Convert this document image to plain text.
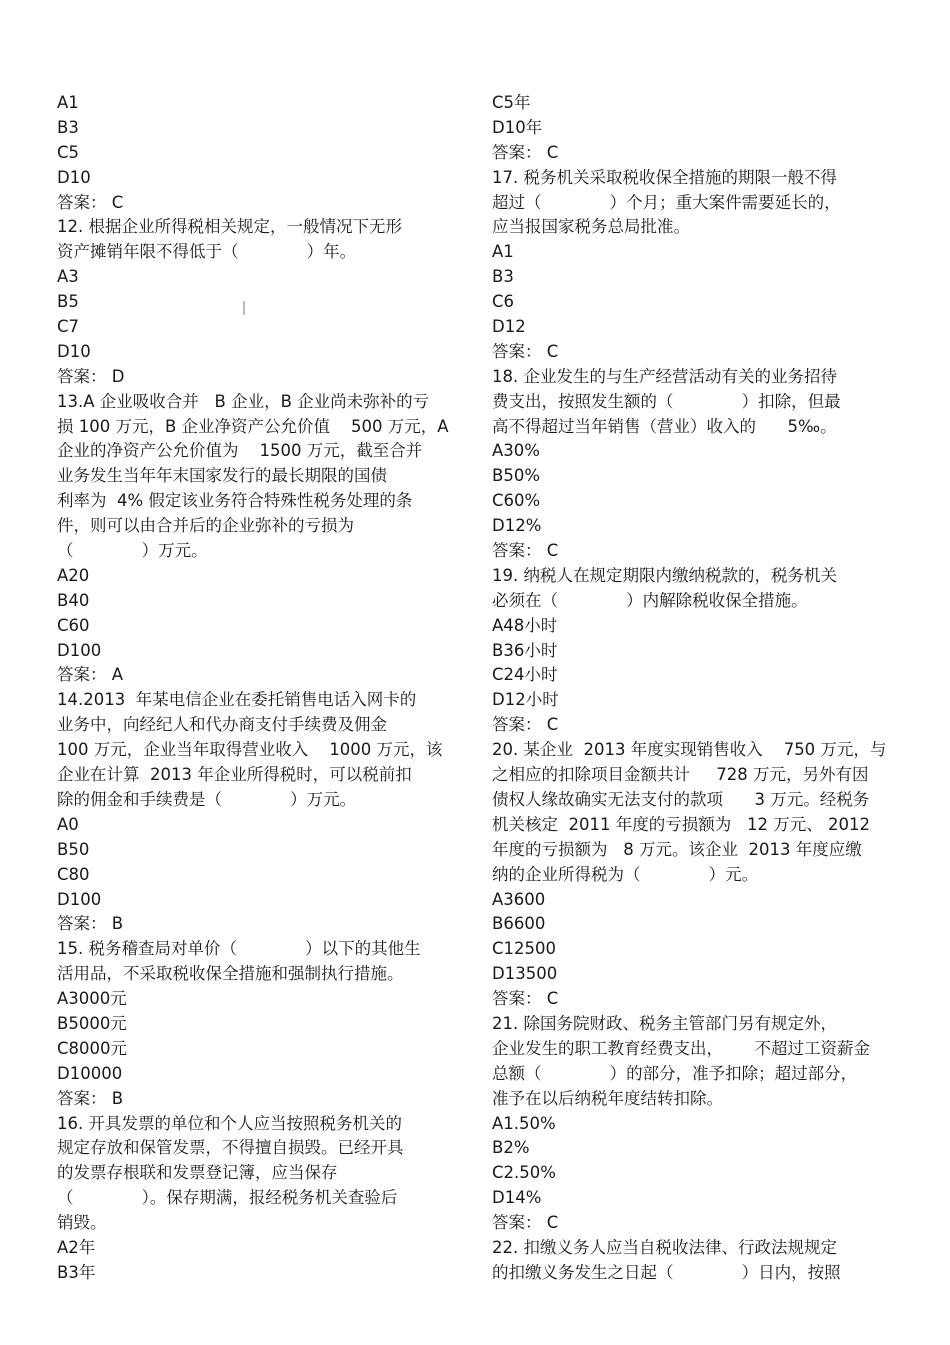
A1
B3
C5
D10
答案： C
12. 根据企业所得税相关规定，一般情况下无形
资产摊销年限不得低于（             ）年。
A3
B5
C7
D10
答案： D
13.A 企业吸收合并   B 企业，B 企业尚未弥补的亏
损 100 万元，B 企业净资产公允价值    500 万元，A
企业的净资产公允价值为    1500 万元，截至合并
业务发生当年年末国家发行的最长期限的国债
利率为  4% 假定该业务符合特殊性税务处理的条
件，则可以由合并后的企业弥补的亏损为
（             ）万元。
A20
B40
C60
D100
答案： A
14.2013  年某电信企业在委托销售电话入网卡的
业务中，向经纪人和代办商支付手续费及佣金
100 万元，企业当年取得营业收入    1000 万元，该
企业在计算  2013 年企业所得税时，可以税前扣
除的佣金和手续费是（             ）万元。
A0
B50
C80
D100
答案： B
15. 税务稽查局对单价（             ）以下的其他生
活用品，不采取税收保全措施和强制执行措施。
A3000元
B5000元
C8000元
D10000
答案： B
16. 开具发票的单位和个人应当按照税务机关的
规定存放和保管发票，不得擅自损毁。已经开具
的发票存根联和发票登记簿，应当保存
（             ）。保存期满，报经税务机关查验后
销毁。
A2年
B3年
C5年
D10年
答案： C
17. 税务机关采取税收保全措施的期限一般不得
超过（             ）个月；重大案件需要延长的，
应当报国家税务总局批准。
A1
B3
C6
D12
答案： C
18. 企业发生的与生产经营活动有关的业务招待
费支出，按照发生额的（             ）扣除，但最
高不得超过当年销售（营业）收入的      5‰。
A30%
B50%
C60%
D12%
答案： C
19. 纳税人在规定期限内缴纳税款的，税务机关
必须在（             ）内解除税收保全措施。
A48小时
B36小时
C24小时
D12小时
答案： C
20. 某企业  2013 年度实现销售收入    750 万元，与
之相应的扣除项目金额共计     728 万元，另外有因
债权人缘故确实无法支付的款项      3 万元。经税务
机关核定  2011 年度的亏损额为   12 万元、 2012
年度的亏损额为   8 万元。该企业  2013 年度应缴
纳的企业所得税为（             ）元。
A3600
B6600
C12500
D13500
答案： C
21. 除国务院财政、税务主管部门另有规定外，
企业发生的职工教育经费支出，      不超过工资薪金
总额（             ）的部分，准予扣除；超过部分，
准予在以后纳税年度结转扣除。
A1.50%
B2%
C2.50%
D14%
答案： C
22. 扣缴义务人应当自税收法律、行政法规规定
的扣缴义务发生之日起（             ）日内，按照
